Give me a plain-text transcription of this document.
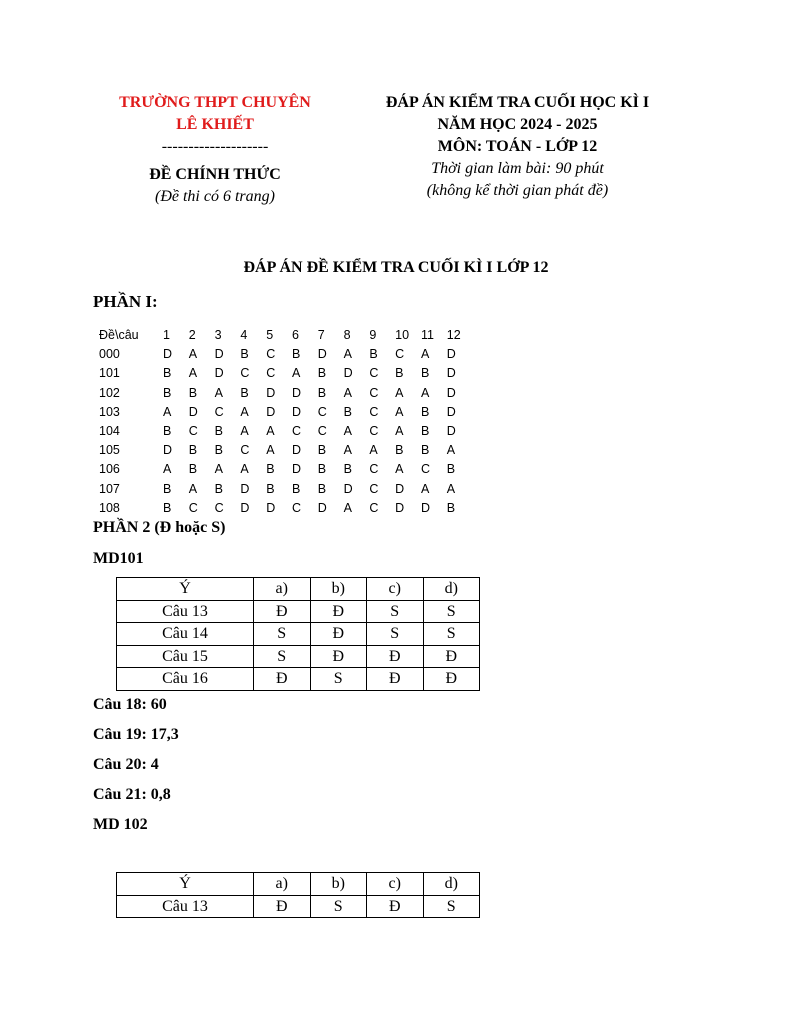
TRƯỜNG THPT CHUYÊN
LÊ KHIẾT
--------------------
ĐỀ CHÍNH THỨC
(Đề thi có 6 trang)
ĐÁP ÁN KIỂM TRA CUỐI HỌC KÌ I
NĂM HỌC 2024 - 2025
MÔN: TOÁN - LỚP 12
Thời gian làm bài: 90 phút
(không kể thời gian phát đề)
ĐÁP ÁN ĐỀ KIỂM TRA CUỐI KÌ I LỚP 12
PHẦN I:
Đề\câu	1	2	3	4	5	6	7	8	9	10	11	12
000	D	A	D	B	C	B	D	A	B	C	A	D
101	B	A	D	C	C	A	B	D	C	B	B	D
102	B	B	A	B	D	D	B	A	C	A	A	D
103	A	D	C	A	D	D	C	B	C	A	B	D
104	B	C	B	A	A	C	C	A	C	A	B	D
105	D	B	B	C	A	D	B	A	A	B	B	A
106	A	B	A	A	B	D	B	B	C	A	C	B
107	B	A	B	D	B	B	B	D	C	D	A	A
108	B	C	C	D	D	C	D	A	C	D	D	B
PHẦN 2 (Đ hoặc S)
MD101
Ý	a)	b)	c)	d)
Câu 13	Đ	Đ	S	S
Câu 14	S	Đ	S	S
Câu 15	S	Đ	Đ	Đ
Câu 16	Đ	S	Đ	Đ
Câu 18: 60
Câu 19: 17,3
Câu 20: 4
Câu 21: 0,8
MD 102
Ý	a)	b)	c)	d)
Câu 13	Đ	S	Đ	S
